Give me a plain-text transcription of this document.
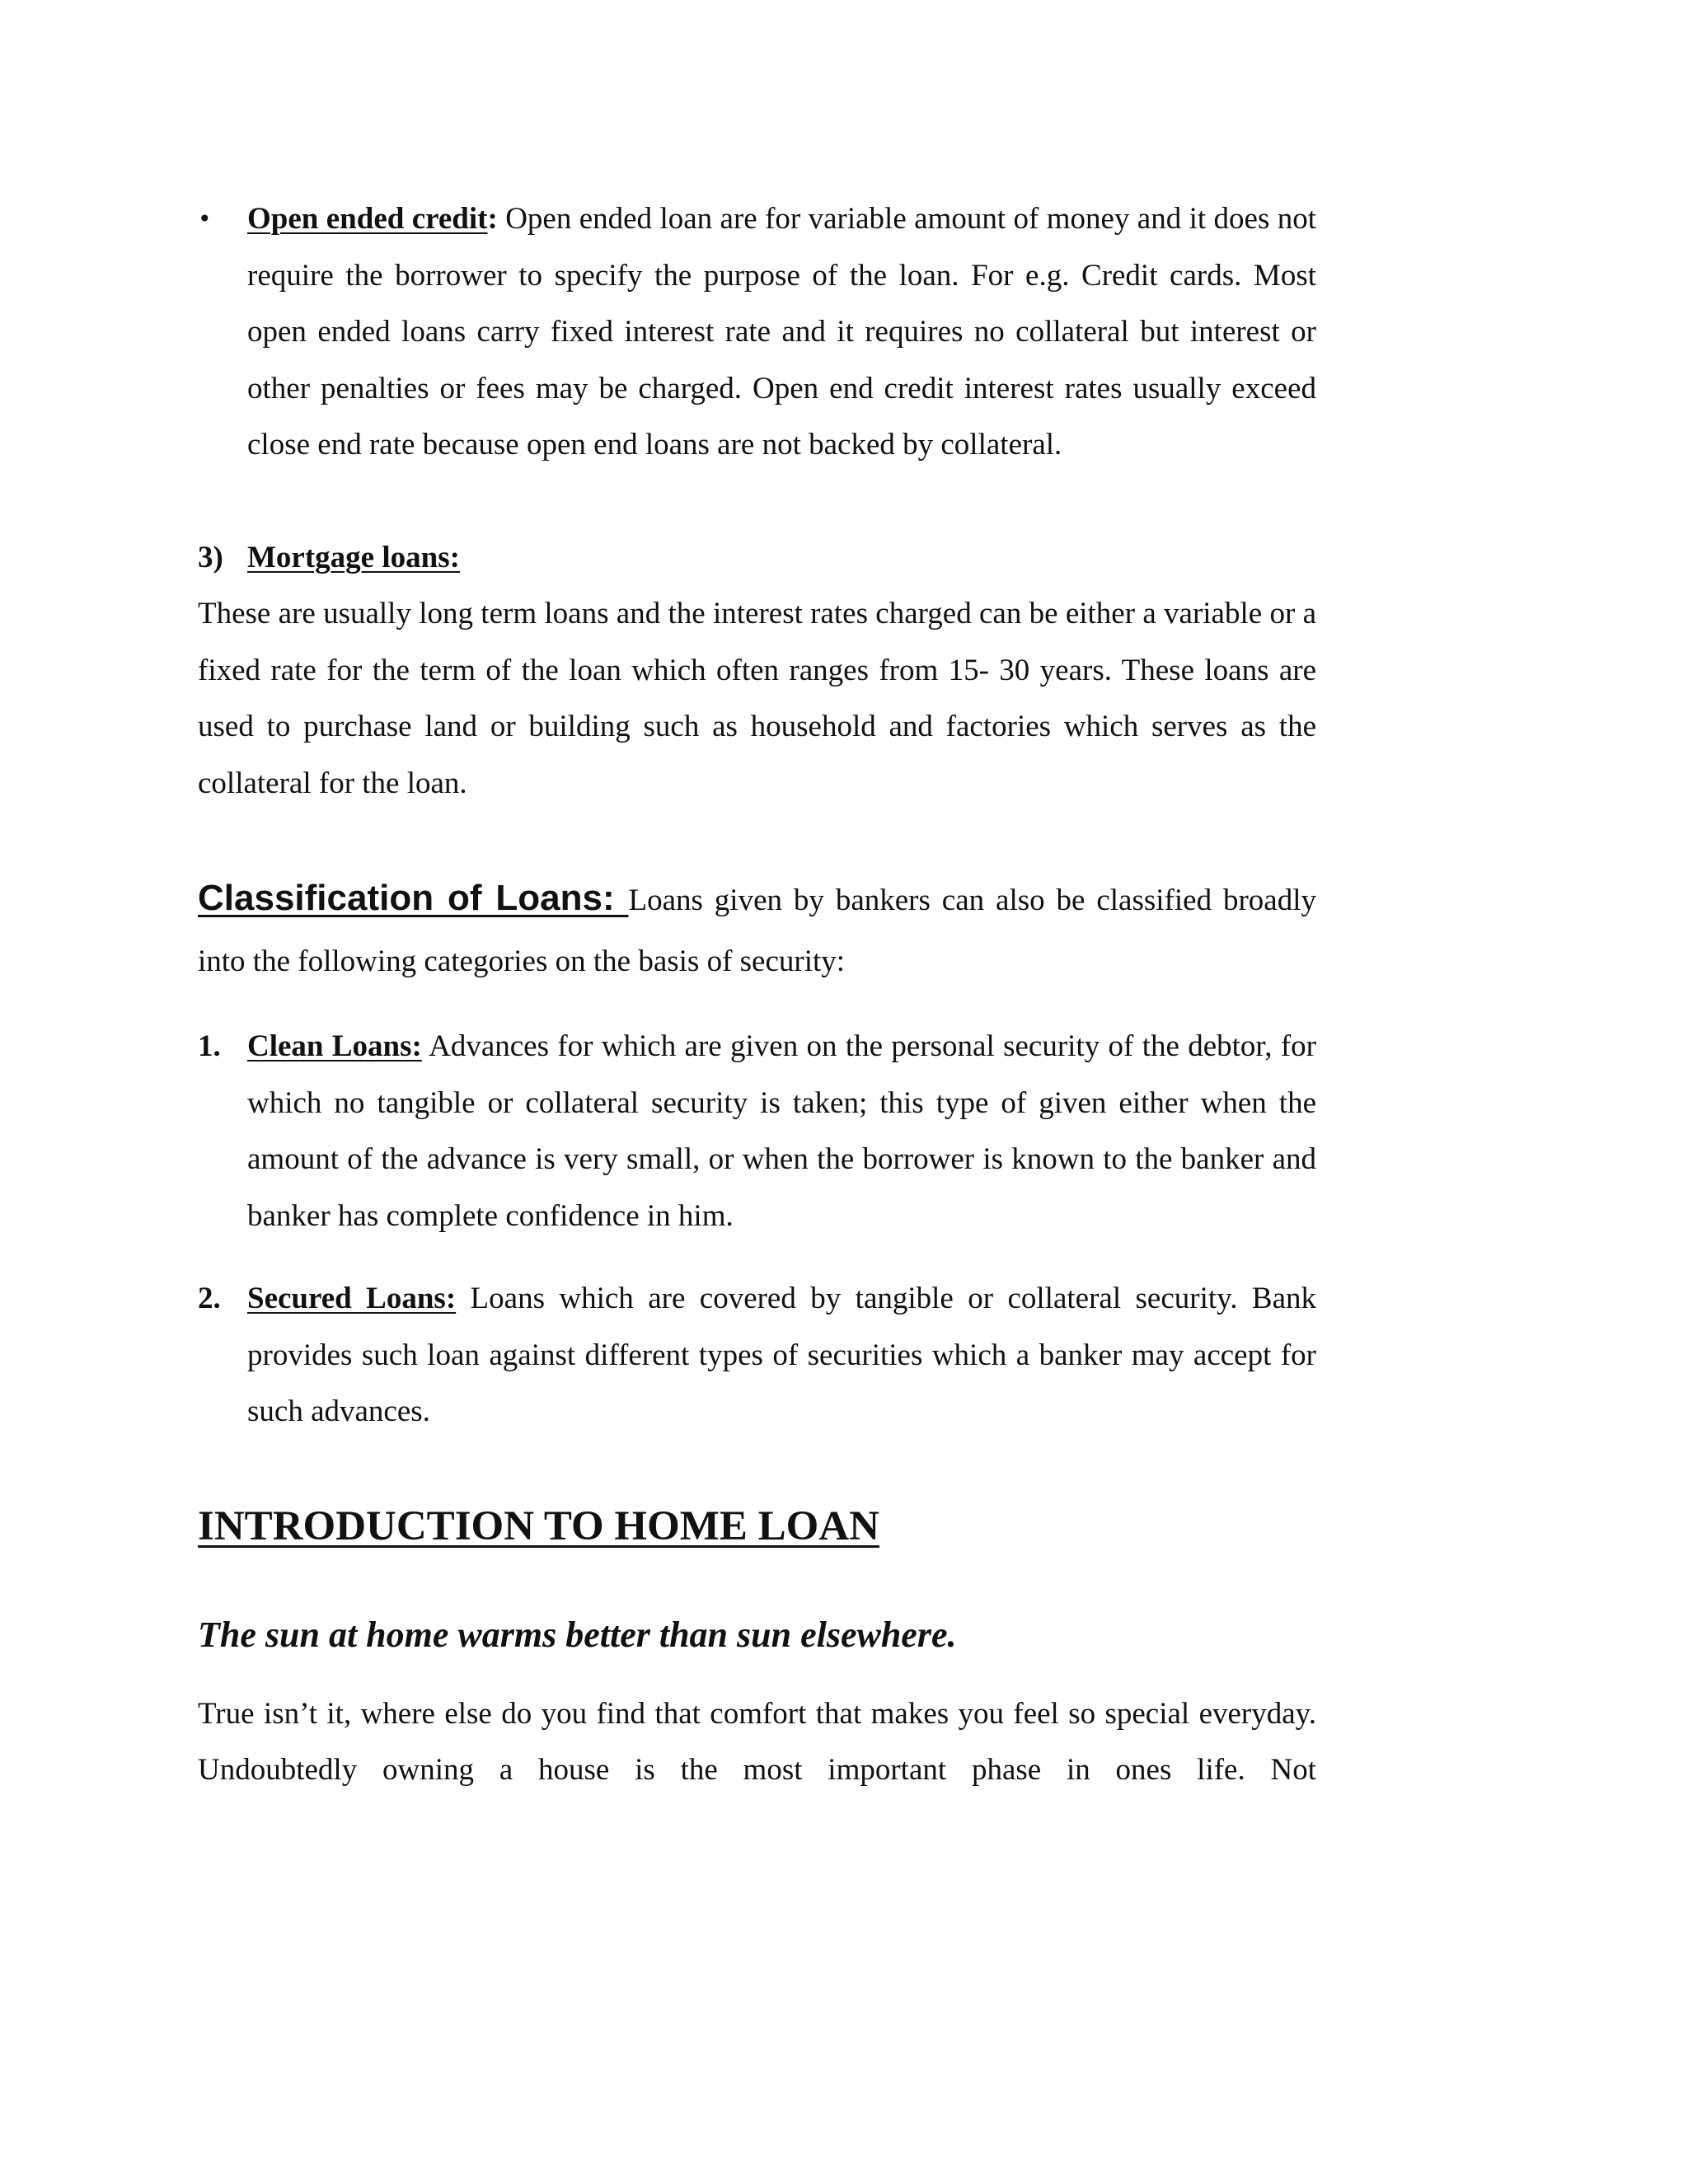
• Open ended credit: Open ended loan are for variable amount of money and it does not require the borrower to specify the purpose of the loan. For e.g. Credit cards. Most open ended loans carry fixed interest rate and it requires no collateral but interest or other penalties or fees may be charged. Open end credit interest rates usually exceed close end rate because open end loans are not backed by collateral.

3) Mortgage loans:

These are usually long term loans and the interest rates charged can be either a variable or a fixed rate for the term of the loan which often ranges from 15- 30 years. These loans are used to purchase land or building such as household and factories which serves as the collateral for the loan.

Classification of Loans: Loans given by bankers can also be classified broadly into the following categories on the basis of security:

1. Clean Loans: Advances for which are given on the personal security of the debtor, for which no tangible or collateral security is taken; this type of given either when the amount of the advance is very small, or when the borrower is known to the banker and banker has complete confidence in him.

2. Secured Loans: Loans which are covered by tangible or collateral security. Bank provides such loan against different types of securities which a banker may accept for such advances.

INTRODUCTION TO HOME LOAN

The sun at home warms better than sun elsewhere.

True isn’t it, where else do you find that comfort that makes you feel so special everyday. Undoubtedly owning a house is the most important phase in ones life. Not
